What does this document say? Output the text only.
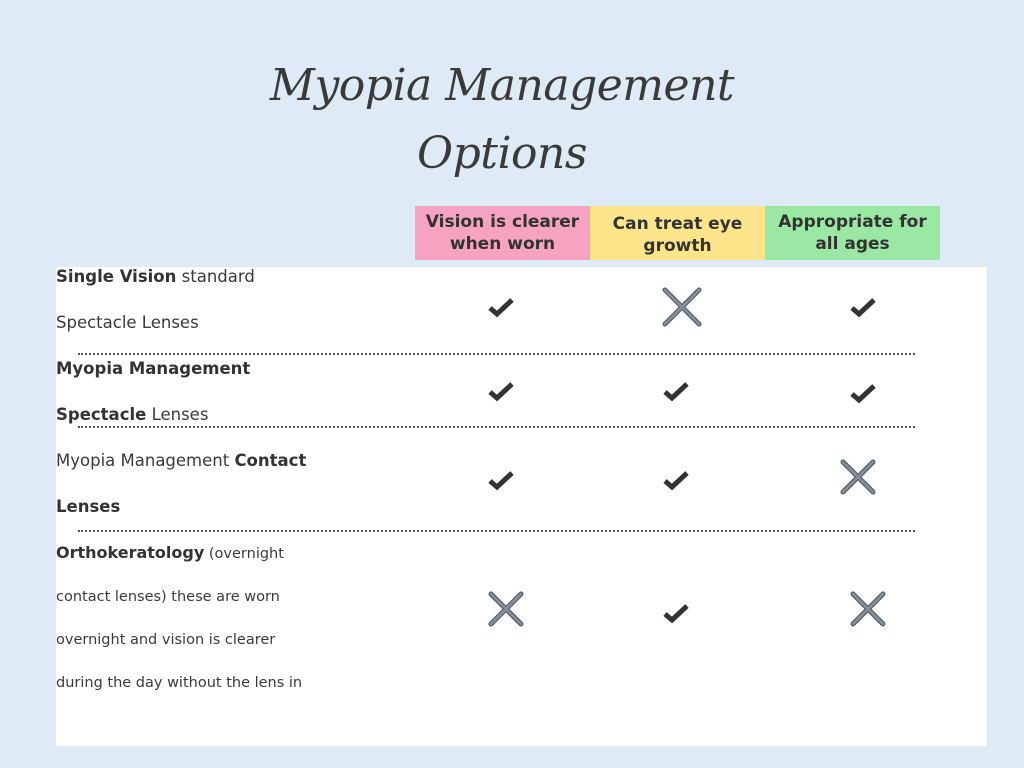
Myopia Management
Options
Vision is clearer
when worn
Can treat eye
growth
Appropriate for
all ages
Single Vision standard
Spectacle Lenses
Myopia Management
Spectacle Lenses
Myopia Management Contact
Lenses
Orthokeratology (overnight
contact lenses) these are worn
overnight and vision is clearer
during the day without the lens in
